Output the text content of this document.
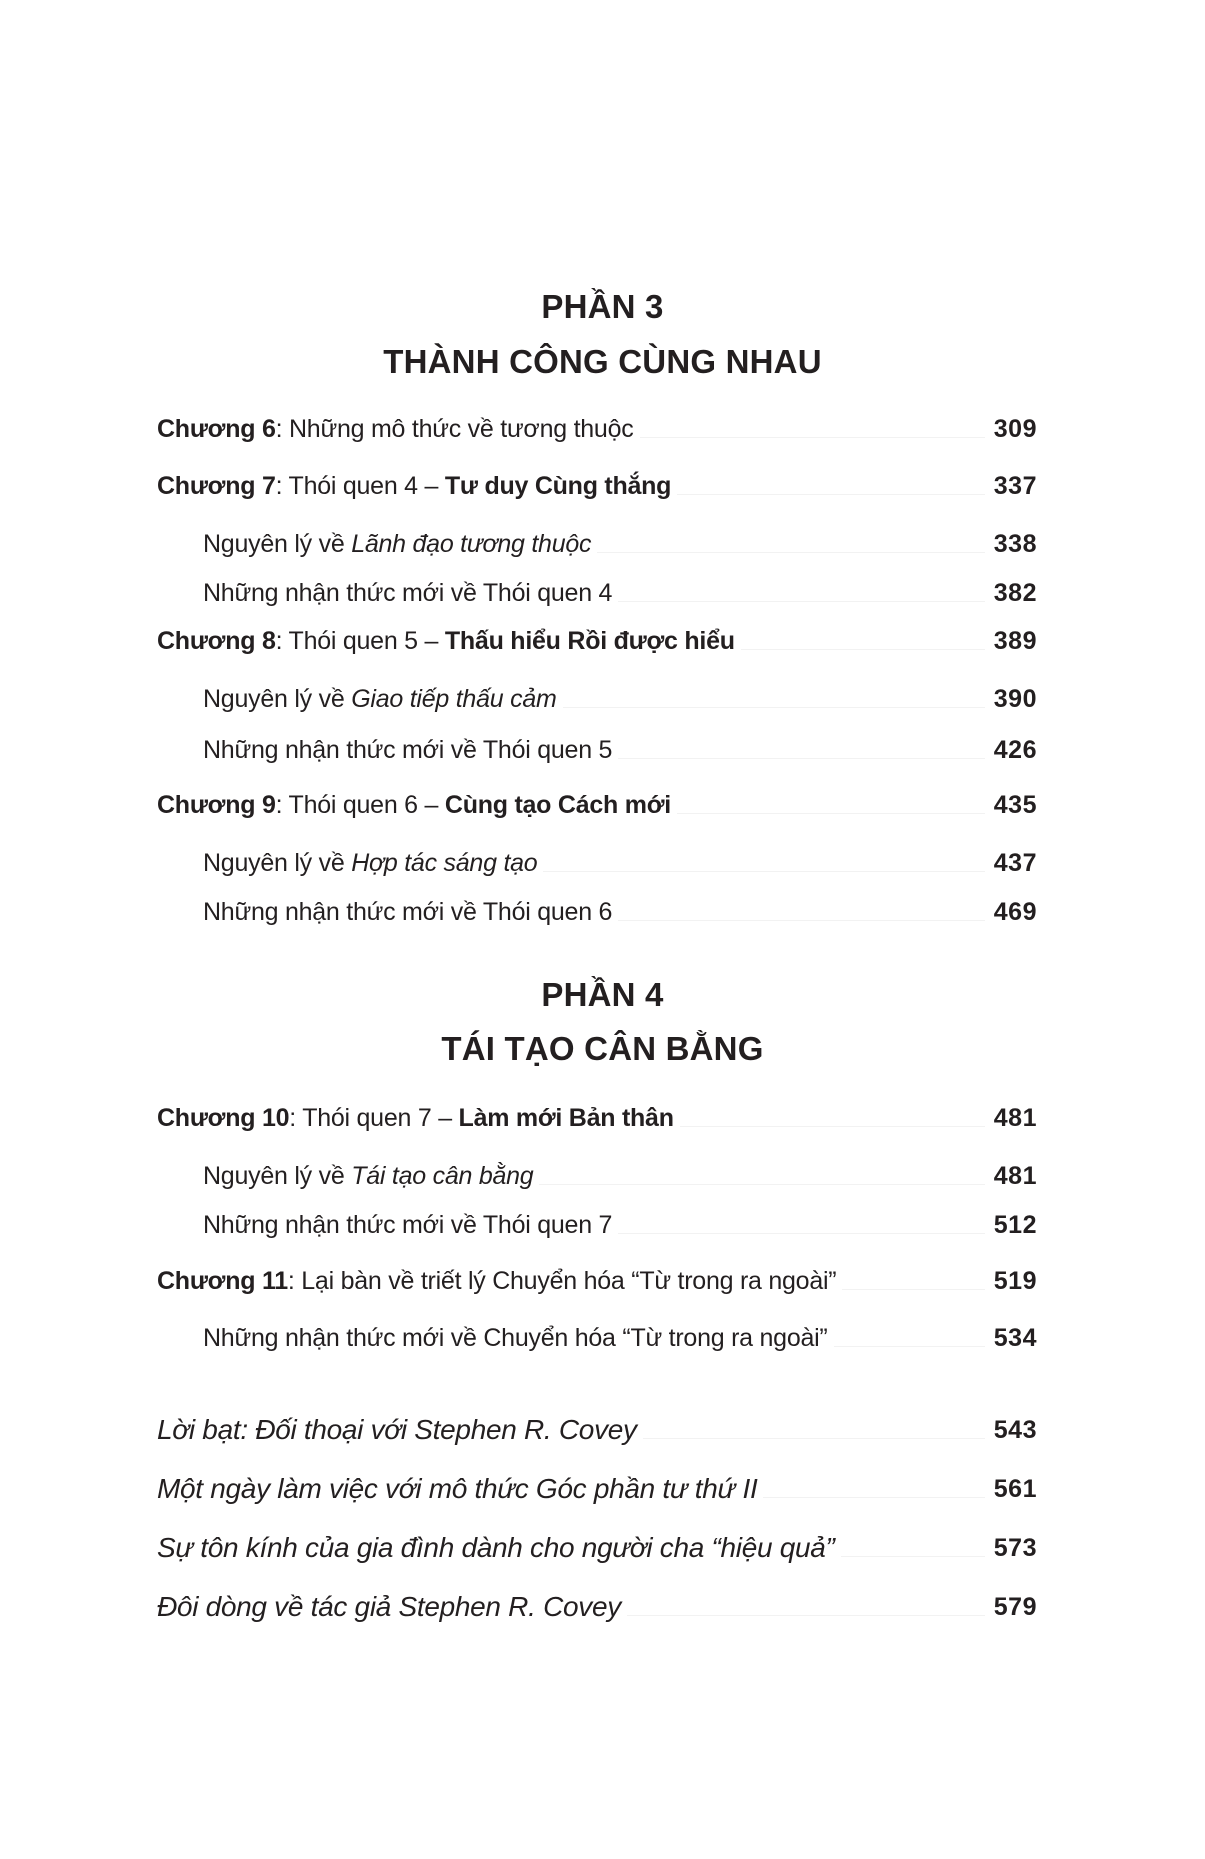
PHẦN 3
THÀNH CÔNG CÙNG NHAU
Chương 6: Những mô thức về tương thuộc	309
Chương 7: Thói quen 4 – Tư duy Cùng thắng	337
Nguyên lý về Lãnh đạo tương thuộc	338
Những nhận thức mới về Thói quen 4	382
Chương 8: Thói quen 5 – Thấu hiểu Rồi được hiểu	389
Nguyên lý về Giao tiếp thấu cảm	390
Những nhận thức mới về Thói quen 5	426
Chương 9: Thói quen 6 – Cùng tạo Cách mới	435
Nguyên lý về Hợp tác sáng tạo	437
Những nhận thức mới về Thói quen 6	469
PHẦN 4
TÁI TẠO CÂN BẰNG
Chương 10: Thói quen 7 – Làm mới Bản thân	481
Nguyên lý về Tái tạo cân bằng	481
Những nhận thức mới về Thói quen 7	512
Chương 11: Lại bàn về triết lý Chuyển hóa “Từ trong ra ngoài”	519
Những nhận thức mới về Chuyển hóa “Từ trong ra ngoài”	534
Lời bạt: Đối thoại với Stephen R. Covey	543
Một ngày làm việc với mô thức Góc phần tư thứ II	561
Sự tôn kính của gia đình dành cho người cha “hiệu quả”	573
Đôi dòng về tác giả Stephen R. Covey	579
